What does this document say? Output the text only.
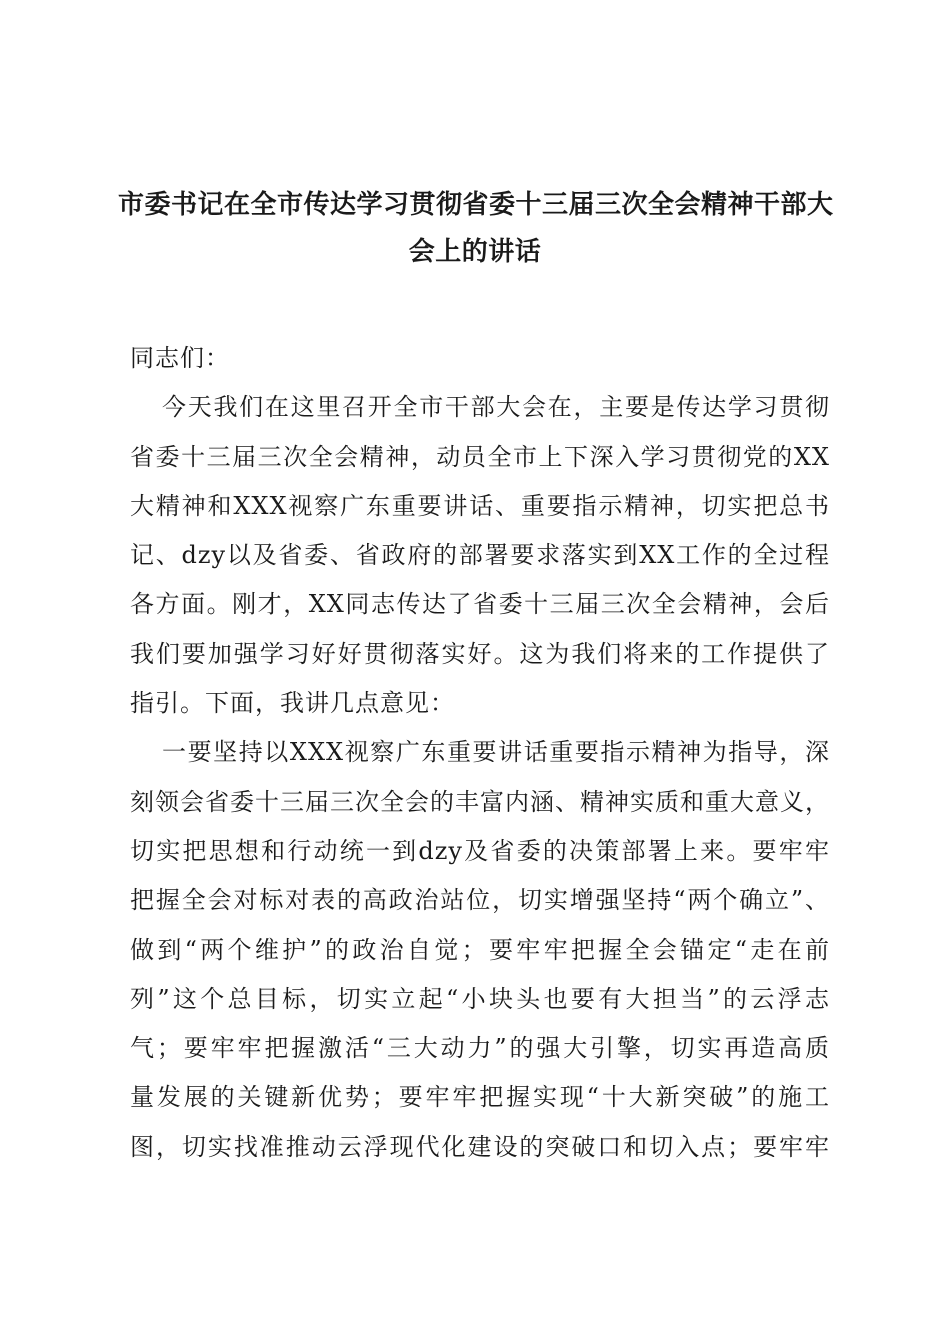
市委书记在全市传达学习贯彻省委十三届三次全会精神干部大
会上的讲话
同志们：
今天我们在这里召开全市干部大会在，主要是传达学习贯彻
省委十三届三次全会精神，动员全市上下深入学习贯彻党的XX
大精神和XXX视察广东重要讲话、重要指示精神，切实把总书
记、dzy以及省委、省政府的部署要求落实到XX工作的全过程
各方面。刚才，XX同志传达了省委十三届三次全会精神，会后
我们要加强学习好好贯彻落实好。这为我们将来的工作提供了
指引。下面，我讲几点意见：
一要坚持以XXX视察广东重要讲话重要指示精神为指导，深
刻领会省委十三届三次全会的丰富内涵、精神实质和重大意义，
切实把思想和行动统一到dzy及省委的决策部署上来。要牢牢
把握全会对标对表的高政治站位，切实增强坚持“两个确立”、
做到“两个维护”的政治自觉；要牢牢把握全会锚定“走在前
列”这个总目标，切实立起“小块头也要有大担当”的云浮志
气；要牢牢把握激活“三大动力”的强大引擎，切实再造高质
量发展的关键新优势；要牢牢把握实现“十大新突破”的施工
图，切实找准推动云浮现代化建设的突破口和切入点；要牢牢
